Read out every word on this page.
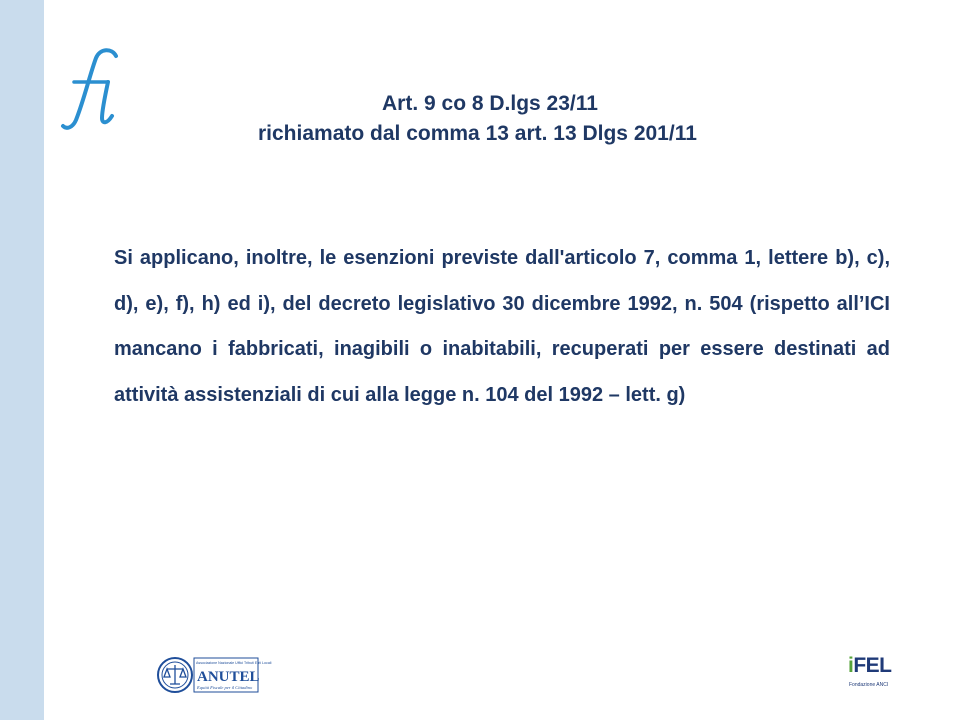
Art. 9 co 8 D.lgs 23/11
richiamato dal comma 13 art. 13 Dlgs 201/11

Si applicano, inoltre, le esenzioni previste dall'articolo 7, comma 1, lettere b), c), d), e), f), h) ed i), del decreto legislativo 30 dicembre 1992, n. 504 (rispetto all’ICI mancano i fabbricati, inagibili o inabitabili, recuperati per essere destinati ad attività assistenziali di cui alla legge n. 104 del 1992 – lett. g)

Associazione Nazionale Uffici Tributi Enti Locali
ANUTEL
Equità Fiscale per il Cittadino
iFEL
Fondazione ANCI
